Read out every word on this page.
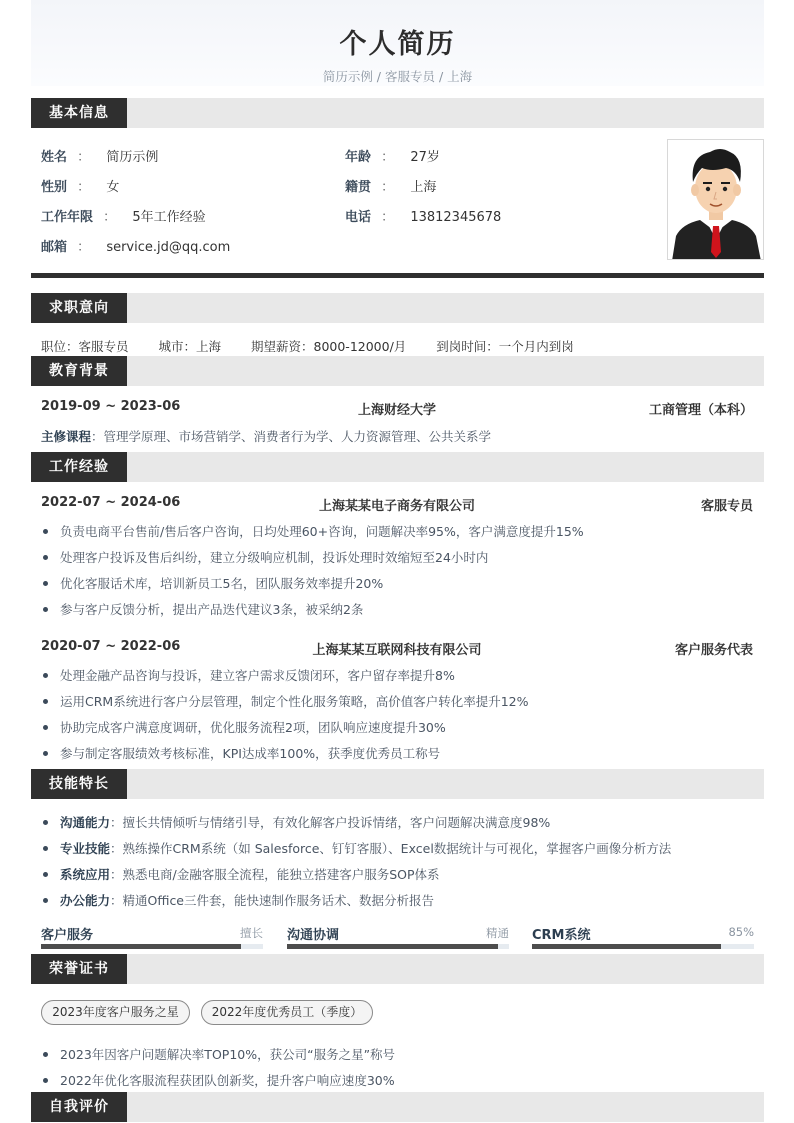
个人简历
简历示例 / 客服专员 / 上海
基本信息
姓名 ： 简历示例
性别 ： 女
工作年限 ： 5年工作经验
邮箱 ： service.jd@qq.com
年龄 ： 27岁
籍贯 ： 上海
电话 ： 13812345678
求职意向
职位：客服专员 城市：上海 期望薪资：8000-12000/月 到岗时间：一个月内到岗
教育背景
2019-09 ~ 2023-06	上海财经大学	工商管理（本科）
主修课程：管理学原理、市场营销学、消费者行为学、人力资源管理、公共关系学
工作经验
2022-07 ~ 2024-06	上海某某电子商务有限公司	客服专员
负责电商平台售前/售后客户咨询，日均处理60+咨询，问题解决率95%，客户满意度提升15%
处理客户投诉及售后纠纷，建立分级响应机制，投诉处理时效缩短至24小时内
优化客服话术库，培训新员工5名，团队服务效率提升20%
参与客户反馈分析，提出产品迭代建议3条，被采纳2条
2020-07 ~ 2022-06	上海某某互联网科技有限公司	客户服务代表
处理金融产品咨询与投诉，建立客户需求反馈闭环，客户留存率提升8%
运用CRM系统进行客户分层管理，制定个性化服务策略，高价值客户转化率提升12%
协助完成客户满意度调研，优化服务流程2项，团队响应速度提升30%
参与制定客服绩效考核标准，KPI达成率100%，获季度优秀员工称号
技能特长
沟通能力：擅长共情倾听与情绪引导，有效化解客户投诉情绪，客户问题解决满意度98%
专业技能：熟练操作CRM系统（如 Salesforce、钉钉客服）、Excel数据统计与可视化，掌握客户画像分析方法
系统应用：熟悉电商/金融客服全流程，能独立搭建客户服务SOP体系
办公能力：精通Office三件套，能快速制作服务话术、数据分析报告
客户服务	擅长 沟通协调	精通 CRM系统	85%
荣誉证书
2023年度客户服务之星	2022年度优秀员工（季度）
2023年因客户问题解决率TOP10%，获公司“服务之星”称号
2022年优化客服流程获团队创新奖，提升客户响应速度30%
自我评价
